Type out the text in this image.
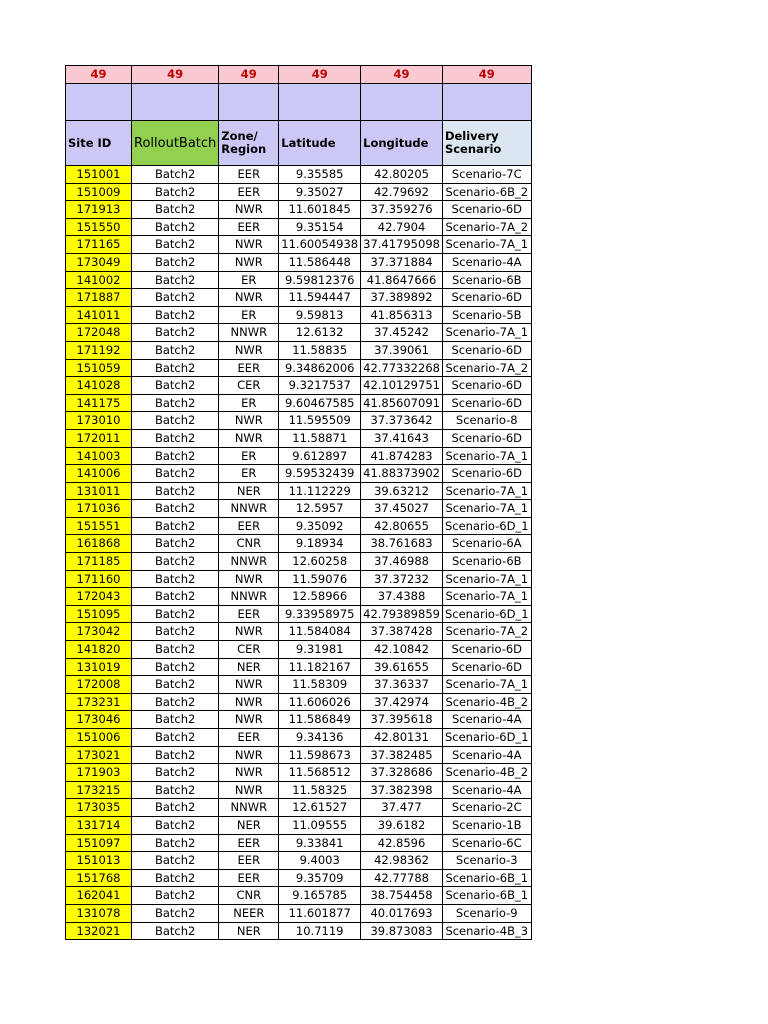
49	49	49	49	49	49

Site ID	RolloutBatch	Zone/ Region	Latitude	Longitude	Delivery Scenario
151001	Batch2	EER	9.35585	42.80205	Scenario-7C
151009	Batch2	EER	9.35027	42.79692	Scenario-6B_2
171913	Batch2	NWR	11.601845	37.359276	Scenario-6D
151550	Batch2	EER	9.35154	42.7904	Scenario-7A_2
171165	Batch2	NWR	11.60054938	37.41795098	Scenario-7A_1
173049	Batch2	NWR	11.586448	37.371884	Scenario-4A
141002	Batch2	ER	9.59812376	41.8647666	Scenario-6B
171887	Batch2	NWR	11.594447	37.389892	Scenario-6D
141011	Batch2	ER	9.59813	41.856313	Scenario-5B
172048	Batch2	NNWR	12.6132	37.45242	Scenario-7A_1
171192	Batch2	NWR	11.58835	37.39061	Scenario-6D
151059	Batch2	EER	9.34862006	42.77332268	Scenario-7A_2
141028	Batch2	CER	9.3217537	42.10129751	Scenario-6D
141175	Batch2	ER	9.60467585	41.85607091	Scenario-6D
173010	Batch2	NWR	11.595509	37.373642	Scenario-8
172011	Batch2	NWR	11.58871	37.41643	Scenario-6D
141003	Batch2	ER	9.612897	41.874283	Scenario-7A_1
141006	Batch2	ER	9.59532439	41.88373902	Scenario-6D
131011	Batch2	NER	11.112229	39.63212	Scenario-7A_1
171036	Batch2	NNWR	12.5957	37.45027	Scenario-7A_1
151551	Batch2	EER	9.35092	42.80655	Scenario-6D_1
161868	Batch2	CNR	9.18934	38.761683	Scenario-6A
171185	Batch2	NNWR	12.60258	37.46988	Scenario-6B
171160	Batch2	NWR	11.59076	37.37232	Scenario-7A_1
172043	Batch2	NNWR	12.58966	37.4388	Scenario-7A_1
151095	Batch2	EER	9.33958975	42.79389859	Scenario-6D_1
173042	Batch2	NWR	11.584084	37.387428	Scenario-7A_2
141820	Batch2	CER	9.31981	42.10842	Scenario-6D
131019	Batch2	NER	11.182167	39.61655	Scenario-6D
172008	Batch2	NWR	11.58309	37.36337	Scenario-7A_1
173231	Batch2	NWR	11.606026	37.42974	Scenario-4B_2
173046	Batch2	NWR	11.586849	37.395618	Scenario-4A
151006	Batch2	EER	9.34136	42.80131	Scenario-6D_1
173021	Batch2	NWR	11.598673	37.382485	Scenario-4A
171903	Batch2	NWR	11.568512	37.328686	Scenario-4B_2
173215	Batch2	NWR	11.58325	37.382398	Scenario-4A
173035	Batch2	NNWR	12.61527	37.477	Scenario-2C
131714	Batch2	NER	11.09555	39.6182	Scenario-1B
151097	Batch2	EER	9.33841	42.8596	Scenario-6C
151013	Batch2	EER	9.4003	42.98362	Scenario-3
151768	Batch2	EER	9.35709	42.77788	Scenario-6B_1
162041	Batch2	CNR	9.165785	38.754458	Scenario-6B_1
131078	Batch2	NEER	11.601877	40.017693	Scenario-9
132021	Batch2	NER	10.7119	39.873083	Scenario-4B_3
